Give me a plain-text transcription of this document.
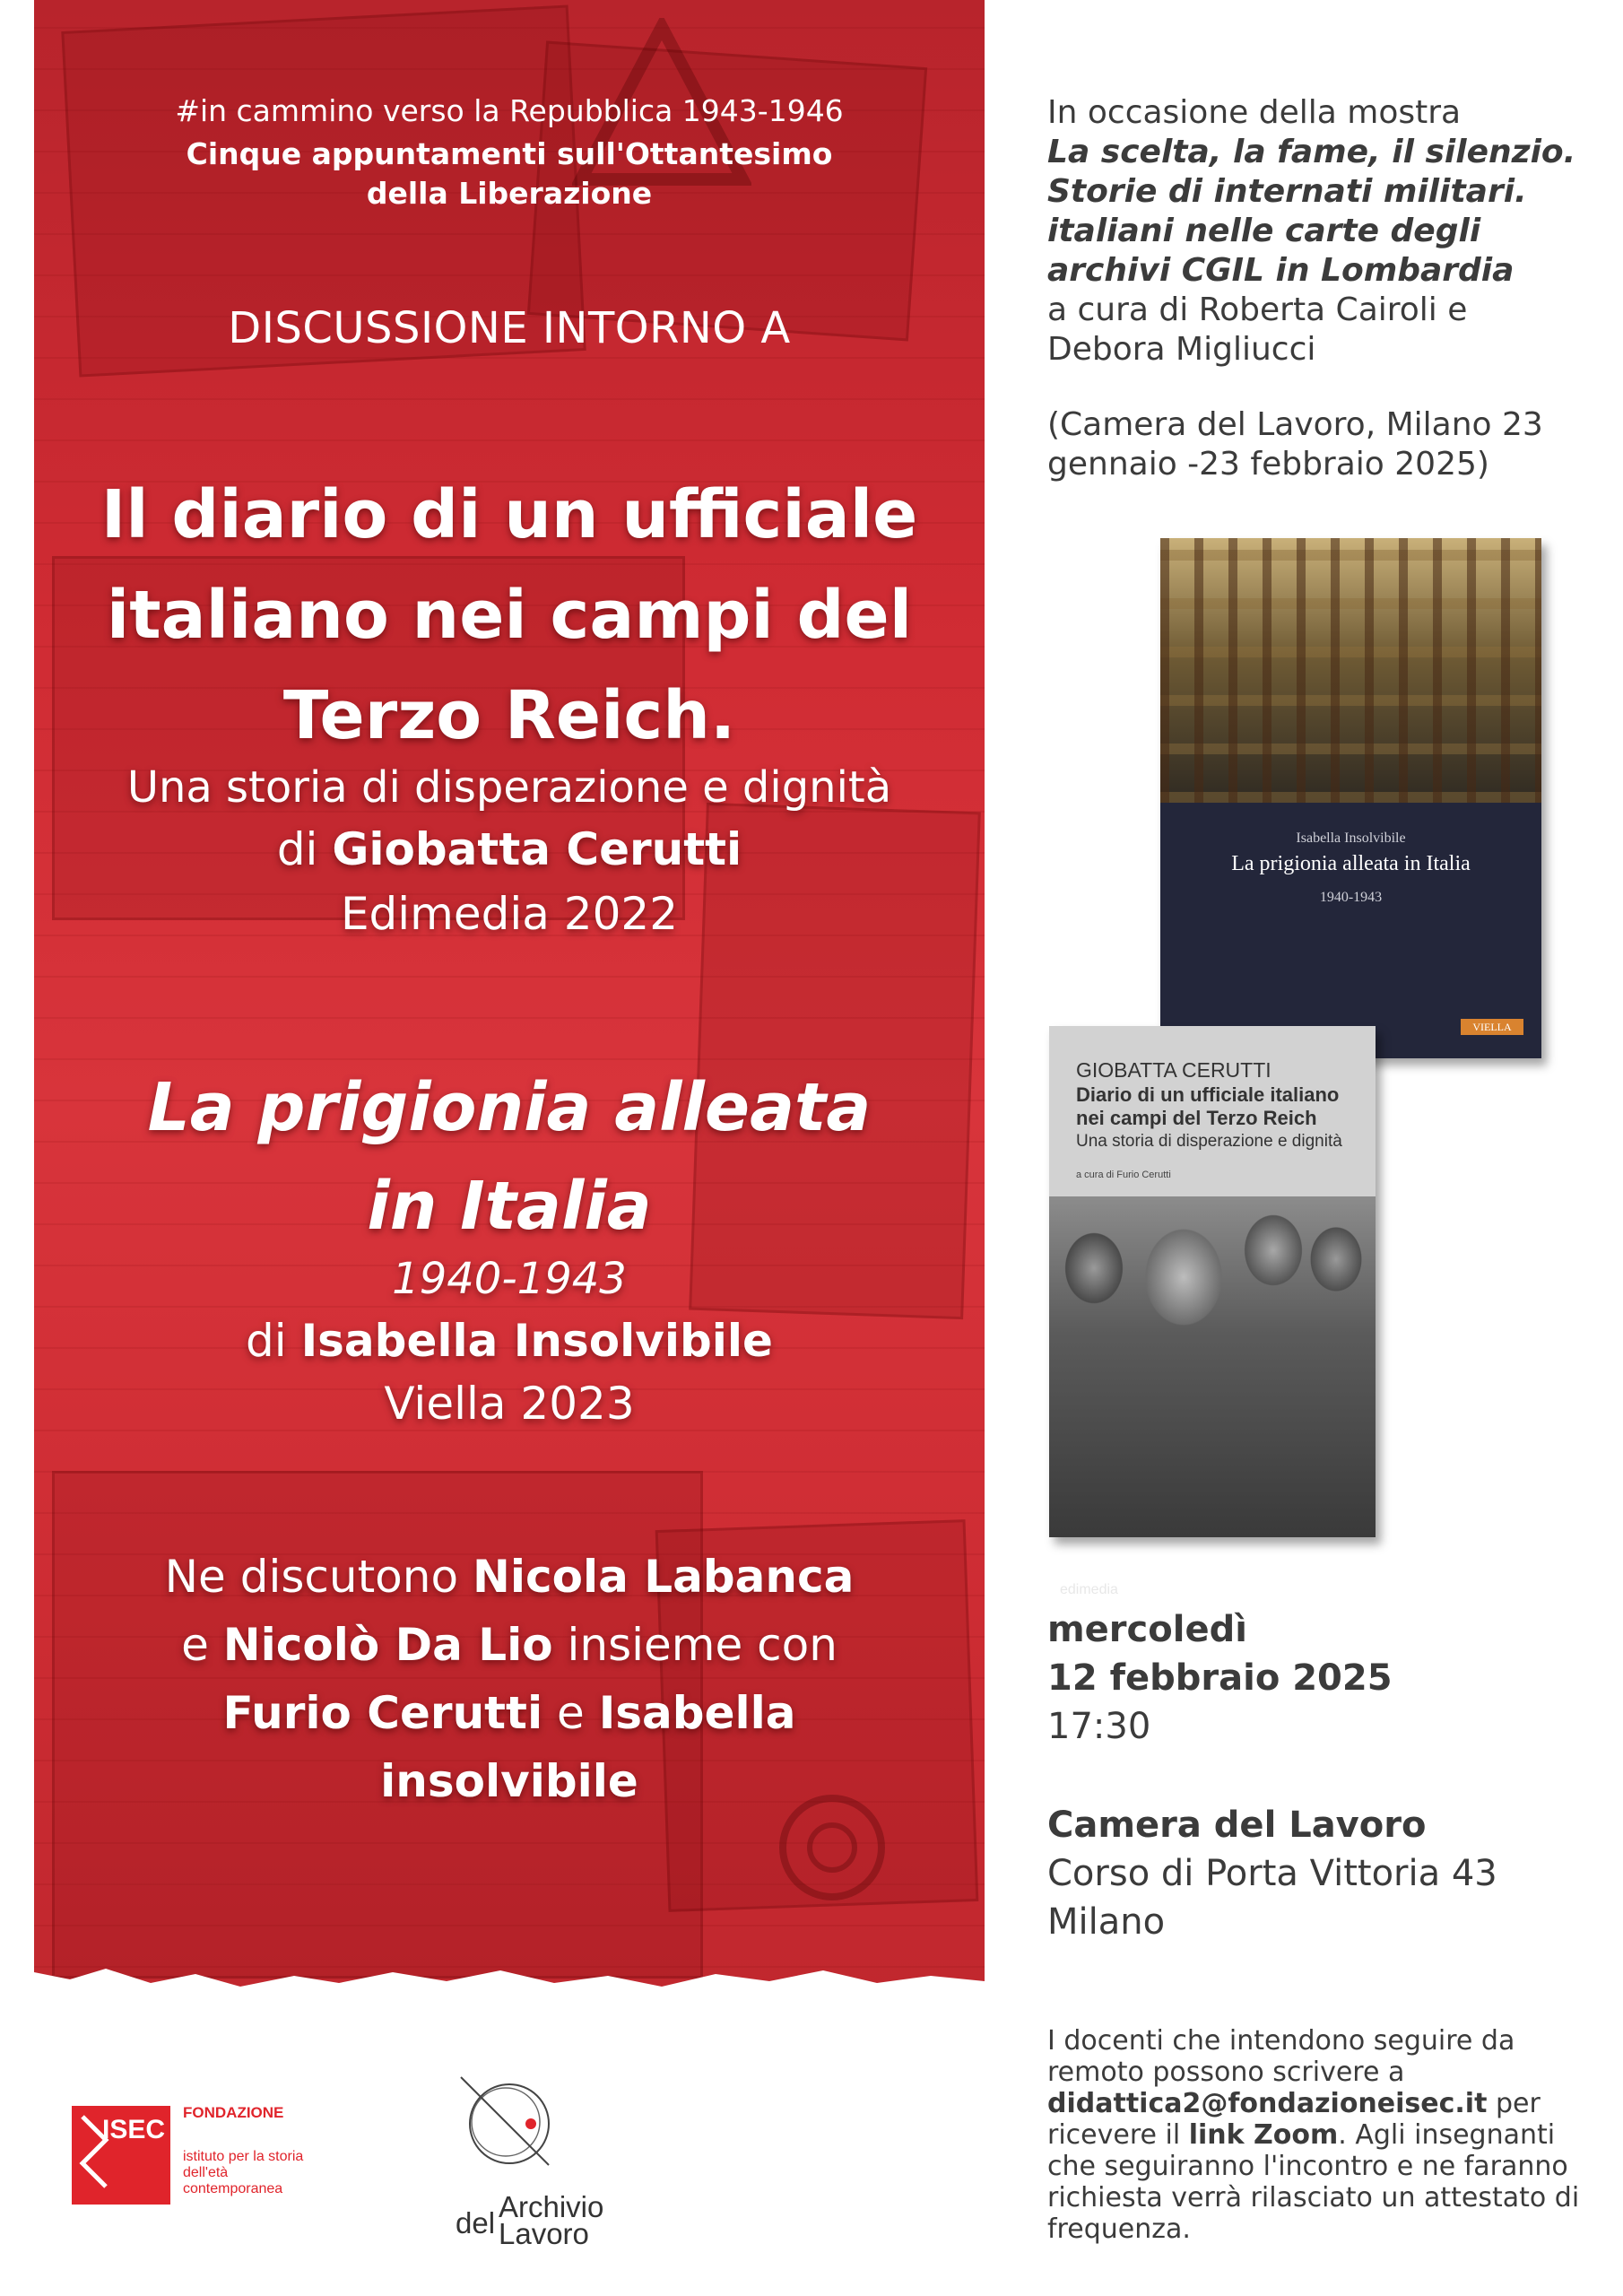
#in cammino verso la Repubblica 1943-1946
Cinque appuntamenti sull'Ottantesimo della Liberazione
DISCUSSIONE INTORNO A
Il diario di un ufficiale italiano nei campi del Terzo Reich.
Una storia di disperazione e dignità
di Giobatta Cerutti
Edimedia 2022
La prigionia alleata
in Italia
1940-1943
di Isabella Insolvibile
Viella 2023
Ne discutono Nicola Labanca
e Nicolò Da Lio insieme con
Furio Cerutti e Isabella insolvibile
In occasione della mostra
La scelta, la fame, il silenzio. Storie di internati militari. italiani nelle carte degli archivi CGIL in Lombardia
a cura di Roberta Cairoli e Debora Migliucci
(Camera del Lavoro, Milano 23 gennaio -23 febbraio 2025)
Isabella Insolvibile
La prigionia alleata in Italia
1940-1943
VIELLA
GIOBATTA CERUTTI
Diario di un ufficiale italiano nei campi del Terzo Reich
Una storia di disperazione e dignità
a cura di Furio Cerutti
edimedia
mercoledì
12 febbraio 2025
17:30
Camera del Lavoro
Corso di Porta Vittoria 43
Milano
I docenti che intendono seguire da remoto possono scrivere a didattica2@fondazioneisec.it per ricevere il link Zoom. Agli insegnanti che seguiranno l'incontro e ne faranno richiesta verrà rilasciato un attestato di frequenza.
ISEC
FONDAZIONE
istituto per la storia dell'età contemporanea
del Archivio
Lavoro
